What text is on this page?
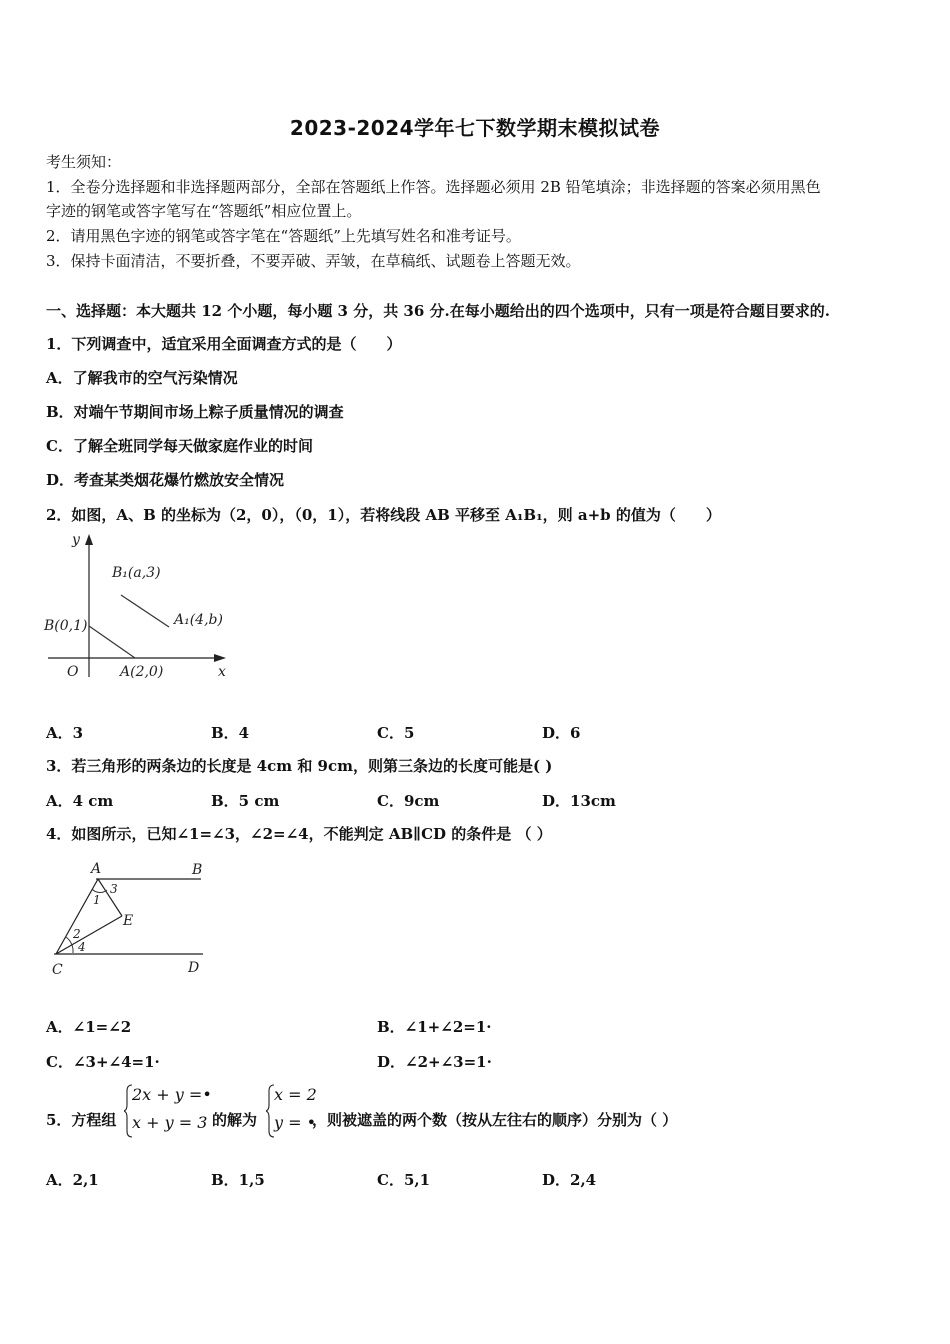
2023-2024学年七下数学期末模拟试卷
考生须知：
1．全卷分选择题和非选择题两部分，全部在答题纸上作答。选择题必须用 2B 铅笔填涂；非选择题的答案必须用黑色
字迹的钢笔或答字笔写在“答题纸”相应位置上。
2．请用黑色字迹的钢笔或答字笔在“答题纸”上先填写姓名和准考证号。
3．保持卡面清洁，不要折叠，不要弄破、弄皱，在草稿纸、试题卷上答题无效。
一、选择题：本大题共 12 个小题，每小题 3 分，共 36 分.在每小题给出的四个选项中，只有一项是符合题目要求的.
1．下列调查中，适宜采用全面调查方式的是（　　）
A．了解我市的空气污染情况
B．对端午节期间市场上粽子质量情况的调查
C．了解全班同学每天做家庭作业的时间
D．考查某类烟花爆竹燃放安全情况
2．如图，A、B 的坐标为（2，0），（0，1），若将线段 AB 平移至 A₁B₁，则 a+b 的值为（　　）
y
x
O
B₁(a,3)
A₁(4,b)
B(0,1)
A(2,0)
A．3	B．4	C．5	D．6
3．若三角形的两条边的长度是 4cm 和 9cm，则第三条边的长度可能是( )
A．4 cm	B．5 cm	C．9cm	D．13cm
4．如图所示，已知∠1=∠3，∠2=∠4，不能判定 AB∥CD 的条件是 （ ）
A	B
C	D
E
1
2
3
4
A．∠1=∠2	B．∠1+∠2=1·
C．∠3+∠4=1·	D．∠2+∠3=1·
5．方程组
2x + y =•
x + y = 3 的解为
x = 2
y = •
，则被遮盖的两个数（按从左往右的顺序）分别为（ ）
A．2,1	B．1,5	C．5,1	D．2,4
